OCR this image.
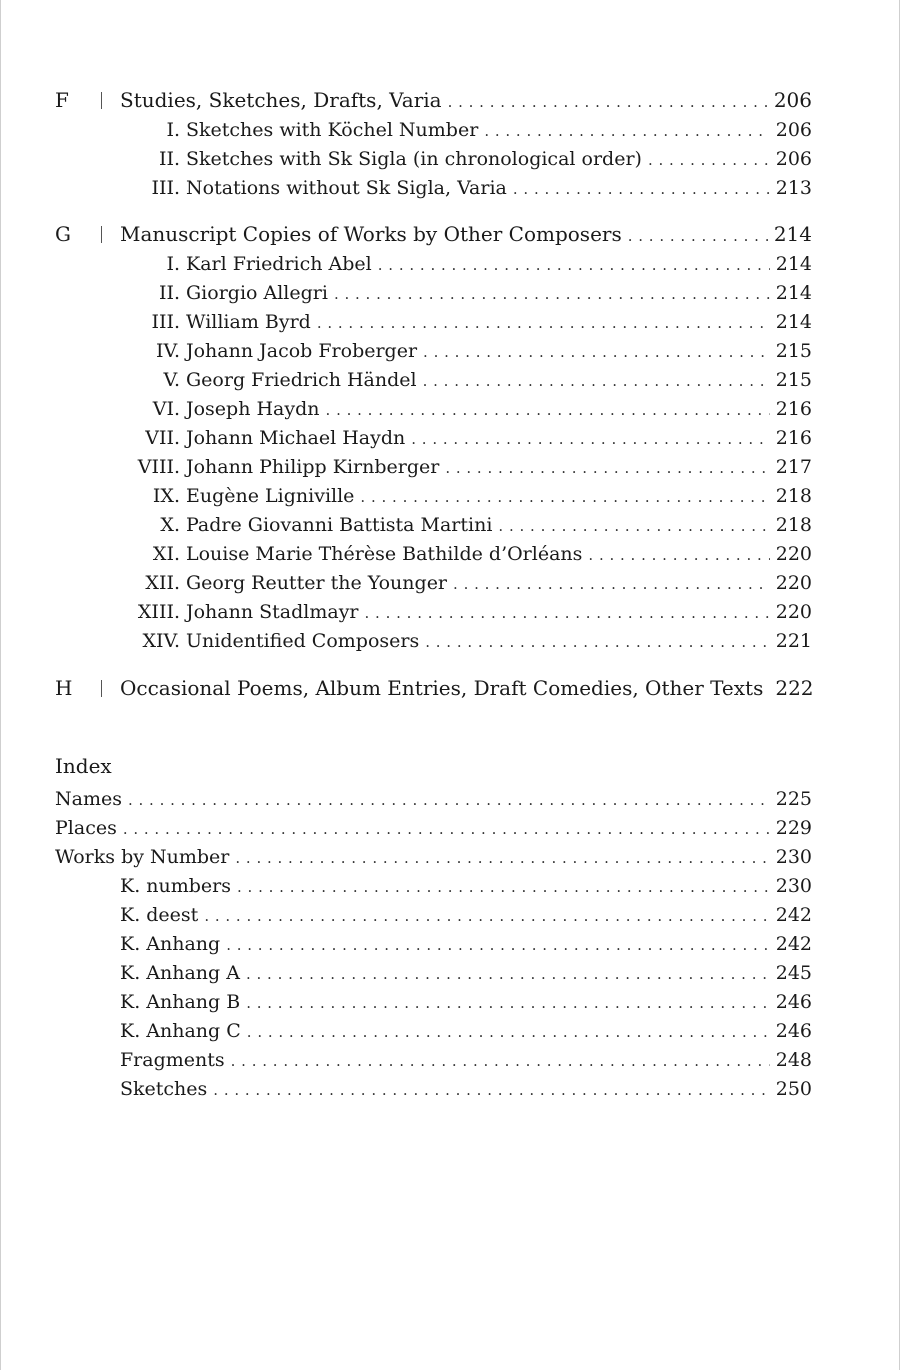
F	Studies, Sketches, Drafts, Varia . . .	206
I. Sketches with Köchel Number . . .	206
II. Sketches with Sk Sigla (in chronological order) . . .	206
III. Notations without Sk Sigla, Varia . . .	213
G	Manuscript Copies of Works by Other Composers . . .	214
I. Karl Friedrich Abel . . .	214
II. Giorgio Allegri . . .	214
III. William Byrd . . .	214
IV. Johann Jacob Froberger . . .	215
V. Georg Friedrich Händel . . .	215
VI. Joseph Haydn . . .	216
VII. Johann Michael Haydn . . .	216
VIII. Johann Philipp Kirnberger . . .	217
IX. Eugène Ligniville . . .	218
X. Padre Giovanni Battista Martini . . .	218
XI. Louise Marie Thérèse Bathilde d’Orléans . . .	220
XII. Georg Reutter the Younger . . .	220
XIII. Johann Stadlmayr . . .	220
XIV. Unidentified Composers . . .	221
H	Occasional Poems, Album Entries, Draft Comedies, Other Texts 222
Index
Names . . .	225
Places . . .	229
Works by Number . . .	230
K. numbers . . .	230
K. deest . . .	242
K. Anhang . . .	242
K. Anhang A . . .	245
K. Anhang B . . .	246
K. Anhang C . . .	246
Fragments . . .	248
Sketches . . .	250
